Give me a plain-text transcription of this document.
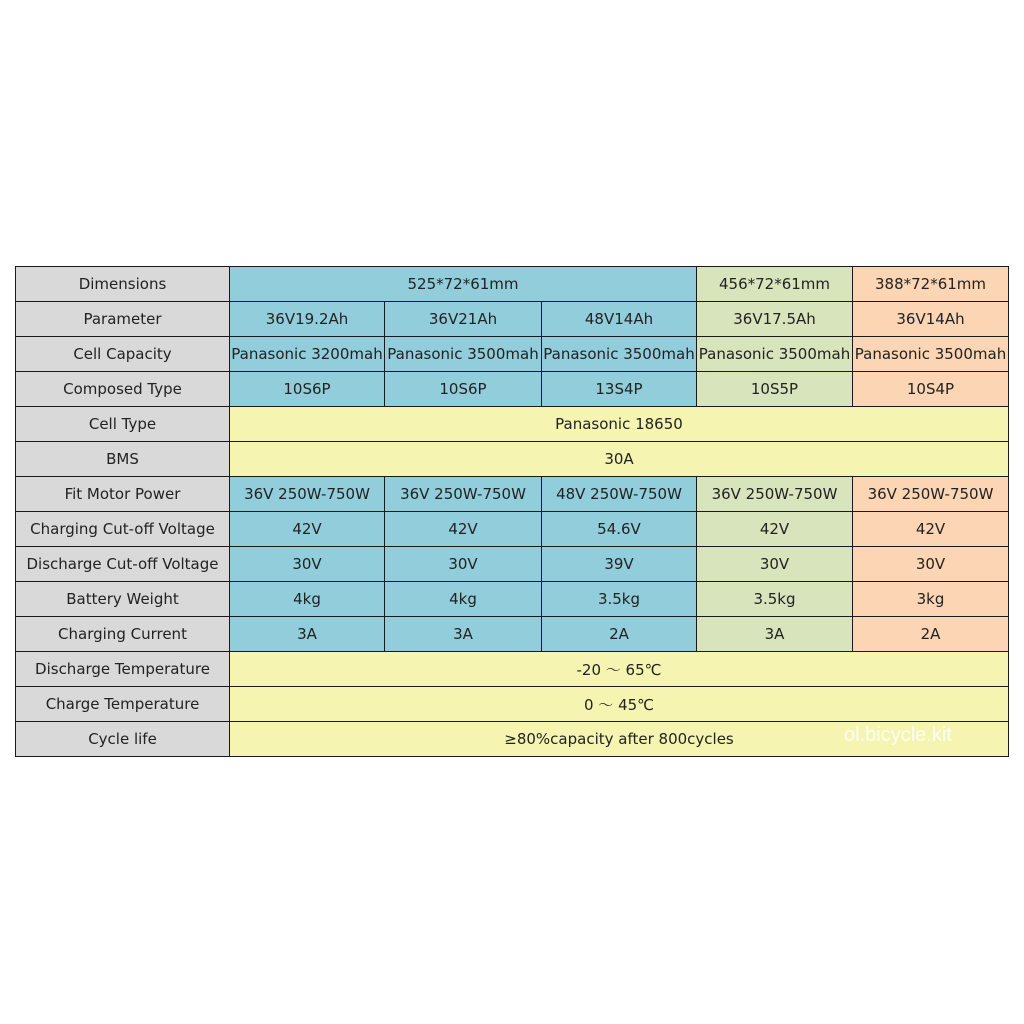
Dimensions	525*72*61mm			456*72*61mm	388*72*61mm
Parameter	36V19.2Ah	36V21Ah	48V14Ah	36V17.5Ah	36V14Ah
Cell Capacity	Panasonic 3200mah	Panasonic 3500mah	Panasonic 3500mah	Panasonic 3500mah	Panasonic 3500mah
Composed Type	10S6P	10S6P	13S4P	10S5P	10S4P
Cell Type	Panasonic 18650				
BMS	30A				
Fit Motor Power	36V 250W-750W	36V 250W-750W	48V 250W-750W	36V 250W-750W	36V 250W-750W
Charging Cut-off Voltage	42V	42V	54.6V	42V	42V
Discharge Cut-off Voltage	30V	30V	39V	30V	30V
Battery Weight	4kg	4kg	3.5kg	3.5kg	3kg
Charging Current	3A	3A	2A	3A	2A
Discharge Temperature	-20 ～ 65℃				
Charge Temperature	0 ～ 45℃				
Cycle life	≥80%capacity after 800cycles					ol.bicycle.kit
